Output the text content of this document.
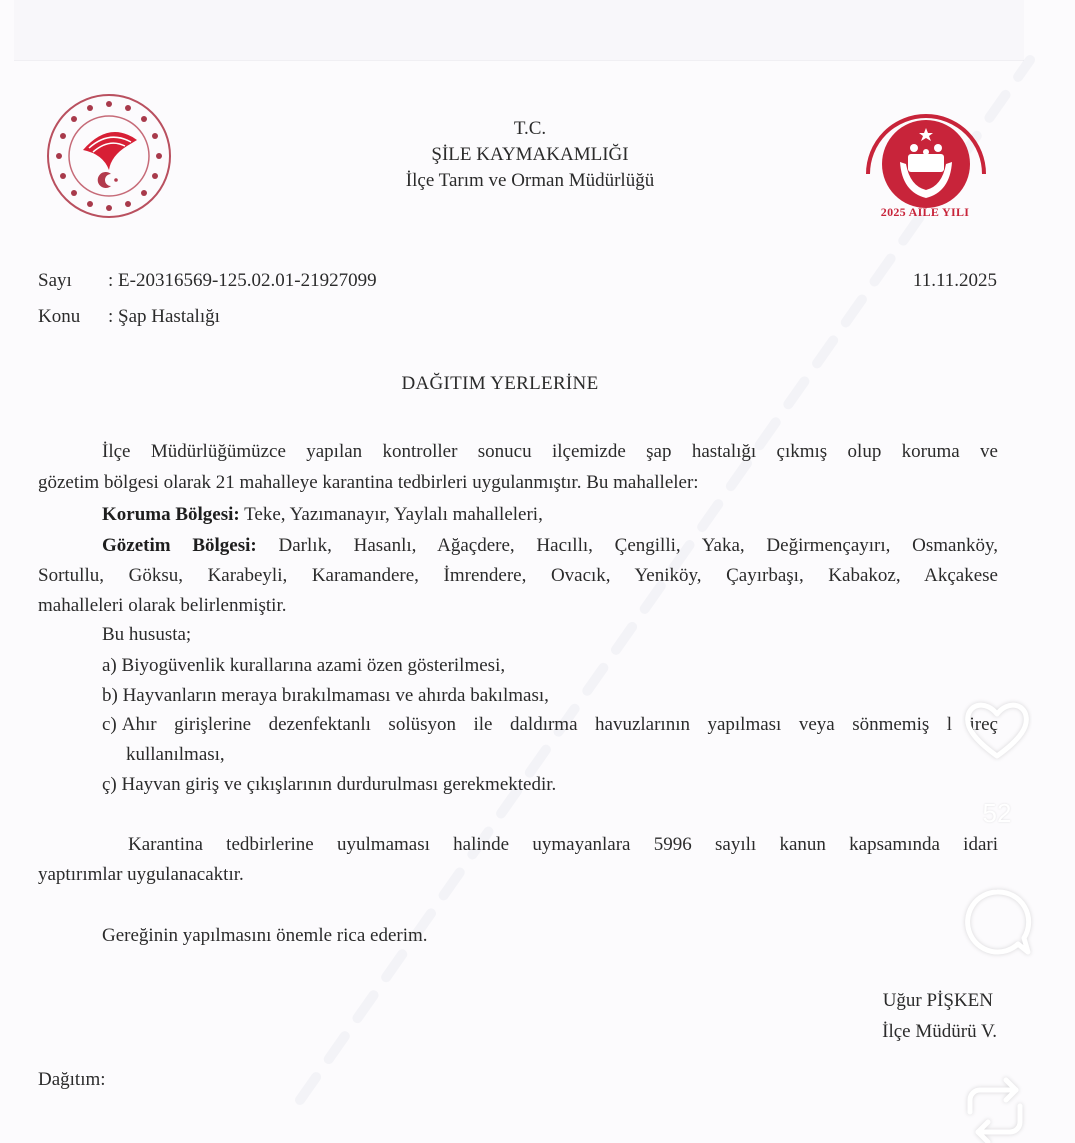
2025 AİLE YILI
T.C.
ŞİLE KAYMAKAMLIĞI
İlçe Tarım ve Orman Müdürlüğü
Sayı : E-20316569-125.02.01-21927099
Konu : Şap Hastalığı
11.11.2025
DAĞITIM YERLERİNE
İlçe Müdürlüğümüzce yapılan kontroller sonucu ilçemizde şap hastalığı çıkmış olup koruma ve
gözetim bölgesi olarak 21 mahalleye karantina tedbirleri uygulanmıştır. Bu mahalleler:
Koruma Bölgesi: Teke, Yazımanayır, Yaylalı mahalleleri,
Gözetim Bölgesi: Darlık, Hasanlı, Ağaçdere, Hacıllı, Çengilli, Yaka, Değirmençayırı, Osmanköy,
Sortullu, Göksu, Karabeyli, Karamandere, İmrendere, Ovacık, Yeniköy, Çayırbaşı, Kabakoz, Akçakese
mahalleleri olarak belirlenmiştir.
Bu hususta;
a) Biyogüvenlik kurallarına azami özen gösterilmesi,
b) Hayvanların meraya bırakılmaması ve ahırda bakılması,
c) Ahır girişlerine dezenfektanlı solüsyon ile daldırma havuzlarının yapılması veya sönmemiş l ireç
kullanılması,
ç) Hayvan giriş ve çıkışlarının durdurulması gerekmektedir.
Karantina tedbirlerine uyulmaması halinde uymayanlara 5996 sayılı kanun kapsamında idari
yaptırımlar uygulanacaktır.
Gereğinin yapılmasını önemle rica ederim.
Uğur PİŞKEN
İlçe Müdürü V.
Dağıtım:
52
